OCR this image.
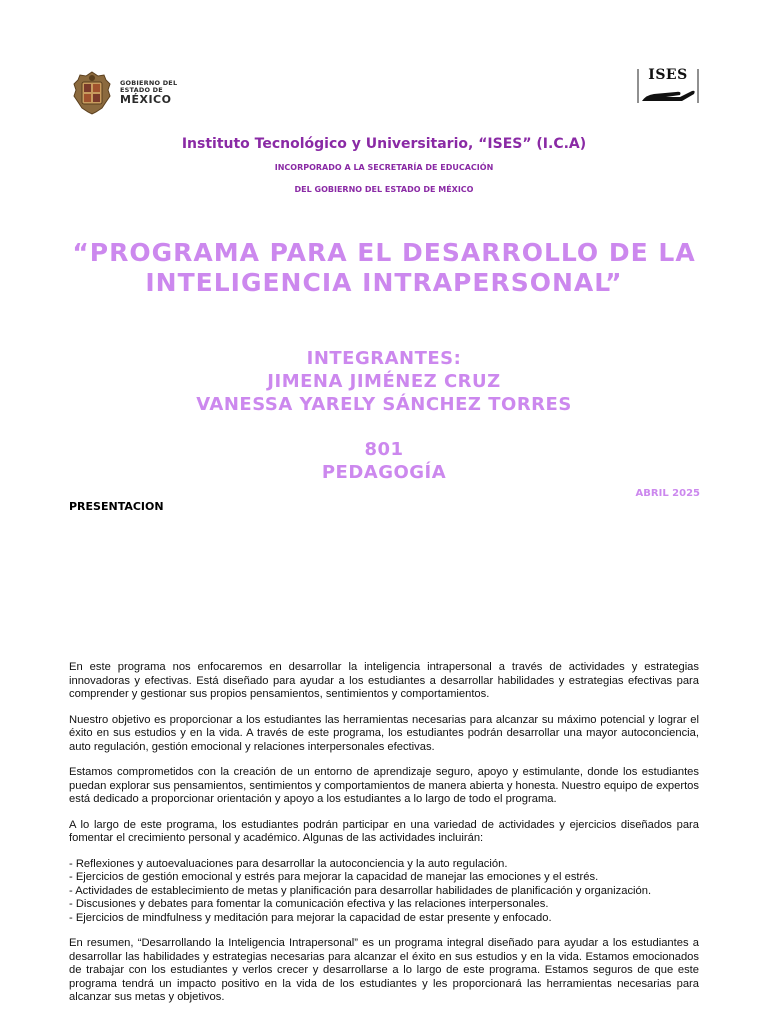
GOBIERNO DEL
ESTADO DE
MÉXICO
ISES
Instituto Tecnológico y Universitario, “ISES” (I.C.A)
INCORPORADO A LA SECRETARÍA DE EDUCACIÓN
DEL GOBIERNO DEL ESTADO DE MÉXICO
“PROGRAMA PARA EL DESARROLLO DE LA
INTELIGENCIA INTRAPERSONAL”
INTEGRANTES:
JIMENA JIMÉNEZ CRUZ
VANESSA YARELY SÁNCHEZ TORRES
801
PEDAGOGÍA
ABRIL 2025
PRESENTACION

En este programa nos enfocaremos en desarrollar la inteligencia intrapersonal a través de actividades y estrategias innovadoras y efectivas. Está diseñado para ayudar a los estudiantes a desarrollar habilidades y estrategias efectivas para comprender y gestionar sus propios pensamientos, sentimientos y comportamientos.

Nuestro objetivo es proporcionar a los estudiantes las herramientas necesarias para alcanzar su máximo potencial y lograr el éxito en sus estudios y en la vida. A través de este programa, los estudiantes podrán desarrollar una mayor autoconciencia, auto regulación, gestión emocional y relaciones interpersonales efectivas.

Estamos comprometidos con la creación de un entorno de aprendizaje seguro, apoyo y estimulante, donde los estudiantes puedan explorar sus pensamientos, sentimientos y comportamientos de manera abierta y honesta. Nuestro equipo de expertos está dedicado a proporcionar orientación y apoyo a los estudiantes a lo largo de todo el programa.

A lo largo de este programa, los estudiantes podrán participar en una variedad de actividades y ejercicios diseñados para fomentar el crecimiento personal y académico. Algunas de las actividades incluirán:

- Reflexiones y autoevaluaciones para desarrollar la autoconciencia y la auto regulación.
- Ejercicios de gestión emocional y estrés para mejorar la capacidad de manejar las emociones y el estrés.
- Actividades de establecimiento de metas y planificación para desarrollar habilidades de planificación y organización.
- Discusiones y debates para fomentar la comunicación efectiva y las relaciones interpersonales.
- Ejercicios de mindfulness y meditación para mejorar la capacidad de estar presente y enfocado.

En resumen, “Desarrollando la Inteligencia Intrapersonal” es un programa integral diseñado para ayudar a los estudiantes a desarrollar las habilidades y estrategias necesarias para alcanzar el éxito en sus estudios y en la vida. Estamos emocionados de trabajar con los estudiantes y verlos crecer y desarrollarse a lo largo de este programa. Estamos seguros de que este programa tendrá un impacto positivo en la vida de los estudiantes y les proporcionará las herramientas necesarias para alcanzar sus metas y objetivos.
